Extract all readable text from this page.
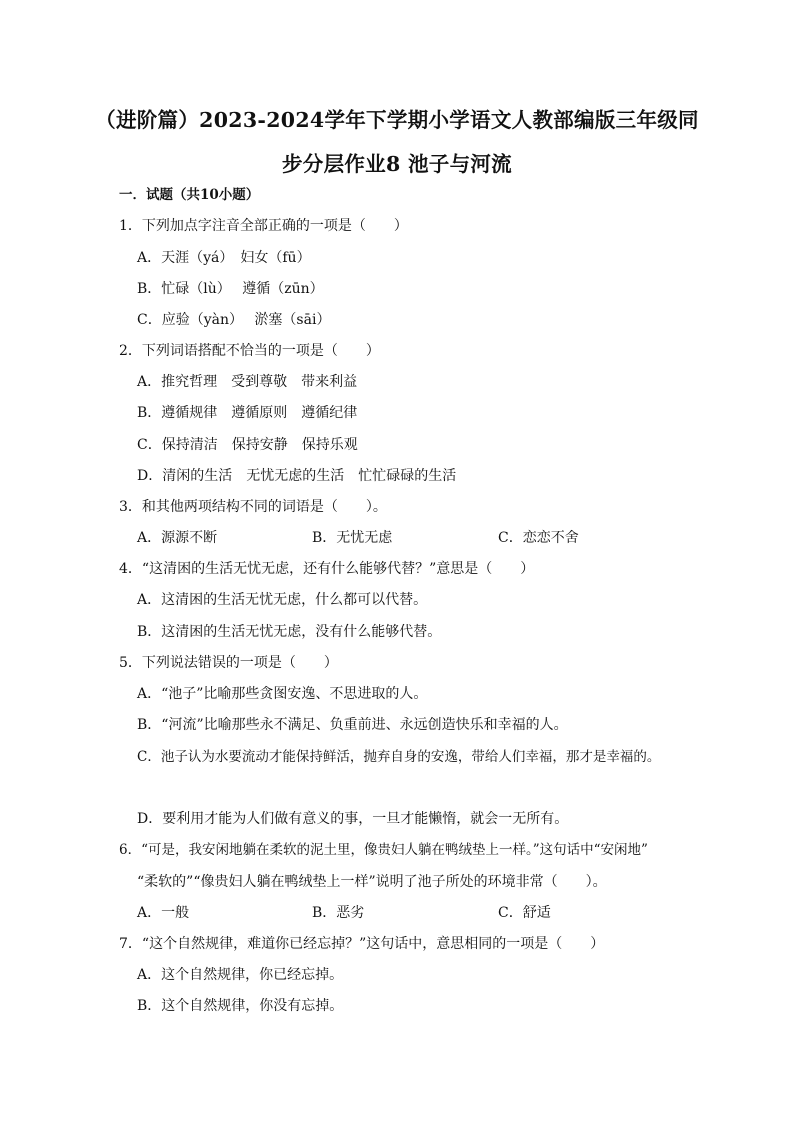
（进阶篇）2023-2024学年下学期小学语文人教部编版三年级同
步分层作业8 池子与河流
一．试题（共10小题）
1．下列加点字注音全部正确的一项是（　　）
A．天涯（yá）　妇女（fū）
B．忙碌（lù）　 遵循（zūn）
C．应验（yàn）　 淤塞（sāi）
2．下列词语搭配不恰当的一项是（　　）
A．推究哲理　受到尊敬　带来利益
B．遵循规律　遵循原则　遵循纪律
C．保持清洁　保持安静　保持乐观
D．清闲的生活　无忧无虑的生活　忙忙碌碌的生活
3．和其他两项结构不同的词语是（　　）。
A．源源不断	B．无忧无虑	C．恋恋不舍
4．“这清困的生活无忧无虑，还有什么能够代替？”意思是（　　）
A．这清困的生活无忧无虑，什么都可以代替。
B．这清困的生活无忧无虑，没有什么能够代替。
5．下列说法错误的一项是（　　）
A．“池子”比喻那些贪图安逸、不思进取的人。
B．“河流”比喻那些永不满足、负重前进、永远创造快乐和幸福的人。
C．池子认为水要流动才能保持鲜活，抛弃自身的安逸，带给人们幸福，那才是幸福的。
D．要利用才能为人们做有意义的事，一旦才能懒惰，就会一无所有。
6．“可是，我安闲地躺在柔软的泥土里，像贵妇人躺在鸭绒垫上一样。”这句话中“安闲地”
“柔软的”“像贵妇人躺在鸭绒垫上一样”说明了池子所处的环境非常（　　）。
A．一般	B．恶劣	C．舒适
7．“这个自然规律，难道你已经忘掉？”这句话中，意思相同的一项是（　　）
A．这个自然规律，你已经忘掉。
B．这个自然规律，你没有忘掉。
